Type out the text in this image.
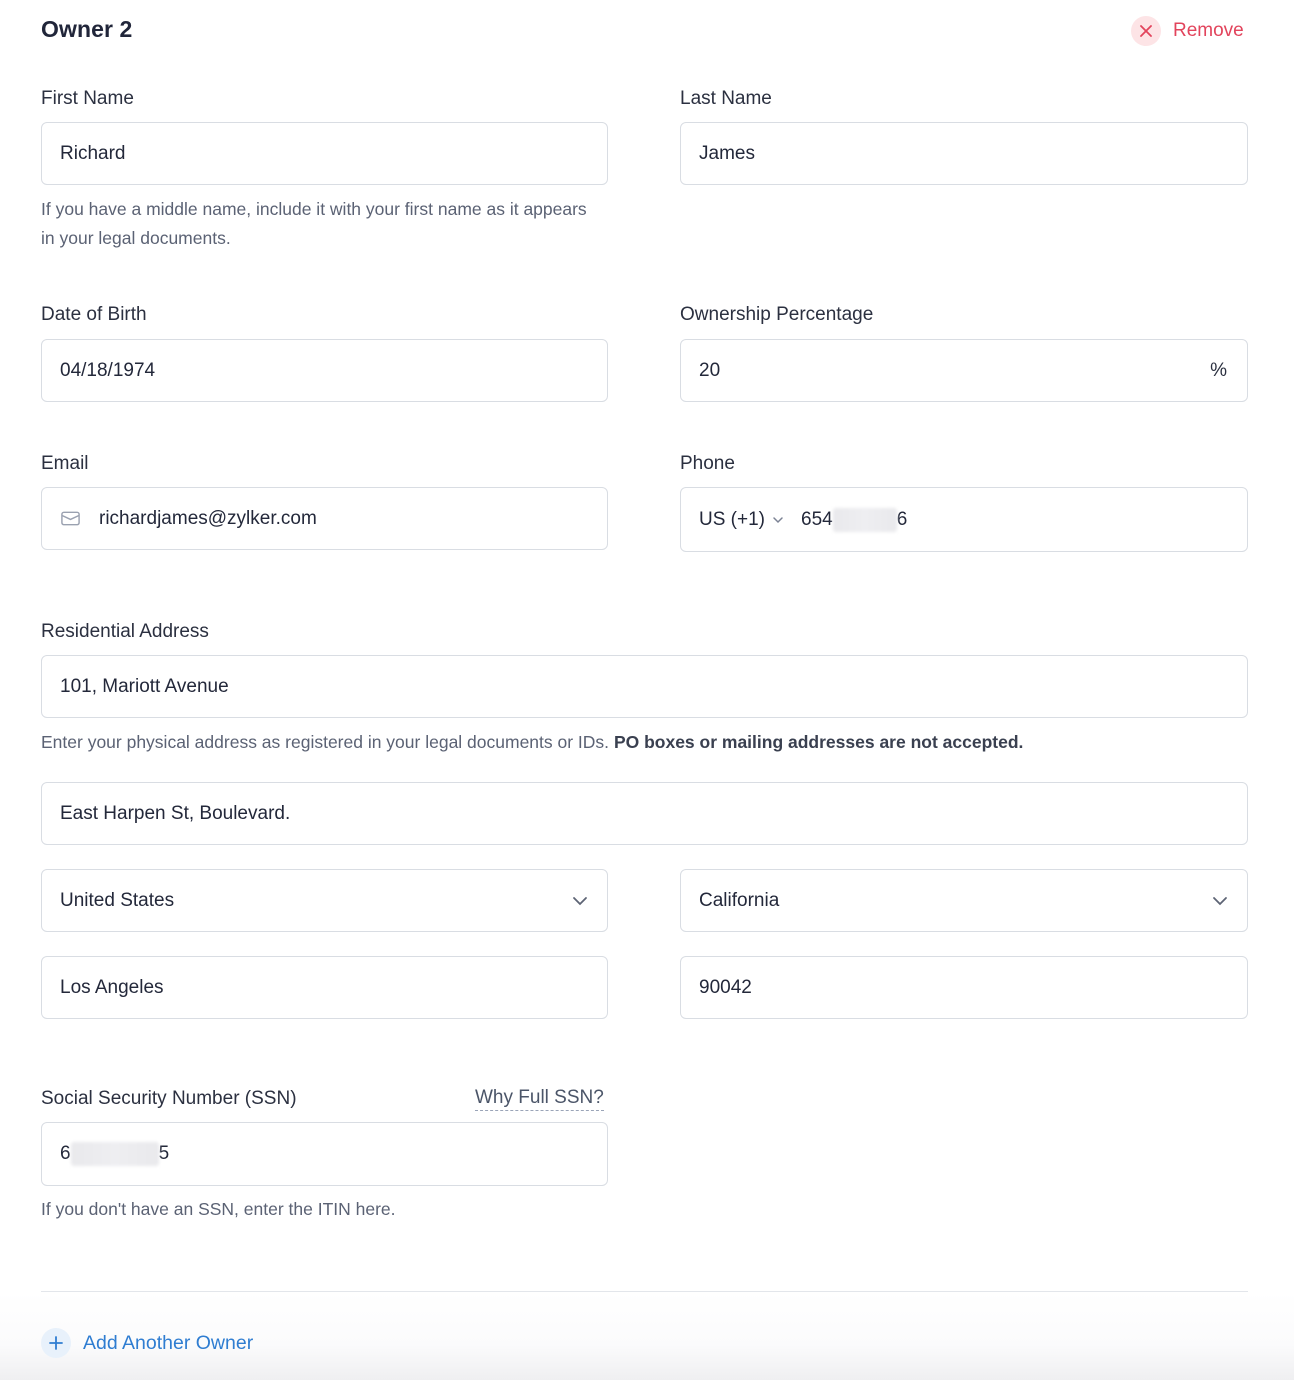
Owner 2	Remove
First Name
Richard
If you have a middle name, include it with your first name as it appears in your legal documents.
Last Name
James
Date of Birth
04/18/1974
Ownership Percentage
20	%
Email
richardjames@zylker.com
Phone
US (+1) 654	6
Residential Address
101, Mariott Avenue
Enter your physical address as registered in your legal documents or IDs. PO boxes or mailing addresses are not accepted.
East Harpen St, Boulevard.
United States	California
Los Angeles	90042
Social Security Number (SSN)	Why Full SSN?
6	5
If you don't have an SSN, enter the ITIN here.
Add Another Owner
